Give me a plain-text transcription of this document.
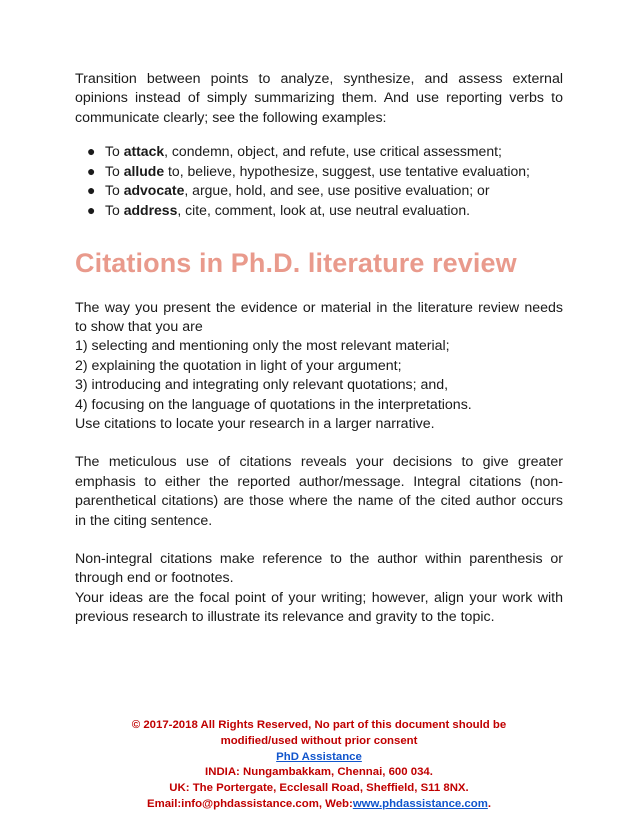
Transition between points to analyze, synthesize, and assess external opinions instead of simply summarizing them. And use reporting verbs to communicate clearly; see the following examples:

● To attack, condemn, object, and refute, use critical assessment;
● To allude to, believe, hypothesize, suggest, use tentative evaluation;
● To advocate, argue, hold, and see, use positive evaluation; or
● To address, cite, comment, look at, use neutral evaluation.
Citations in Ph.D. literature review

The way you present the evidence or material in the literature review needs to show that you are

1) selecting and mentioning only the most relevant material;

2) explaining the quotation in light of your argument;

3) introducing and integrating only relevant quotations; and,

4) focusing on the language of quotations in the interpretations.

Use citations to locate your research in a larger narrative.

The meticulous use of citations reveals your decisions to give greater emphasis to either the reported author/message. Integral citations (non-parenthetical citations) are those where the name of the cited author occurs in the citing sentence.

Non-integral citations make reference to the author within parenthesis or through end or footnotes.

Your ideas are the focal point of your writing; however, align your work with previous research to illustrate its relevance and gravity to the topic.

© 2017-2018 All Rights Reserved, No part of this document should be
modified/used without prior consent
PhD Assistance
INDIA: Nungambakkam, Chennai, 600 034.
UK: The Portergate, Ecclesall Road, Sheffield, S11 8NX.
Email:info@phdassistance.com, Web:www.phdassistance.com.
